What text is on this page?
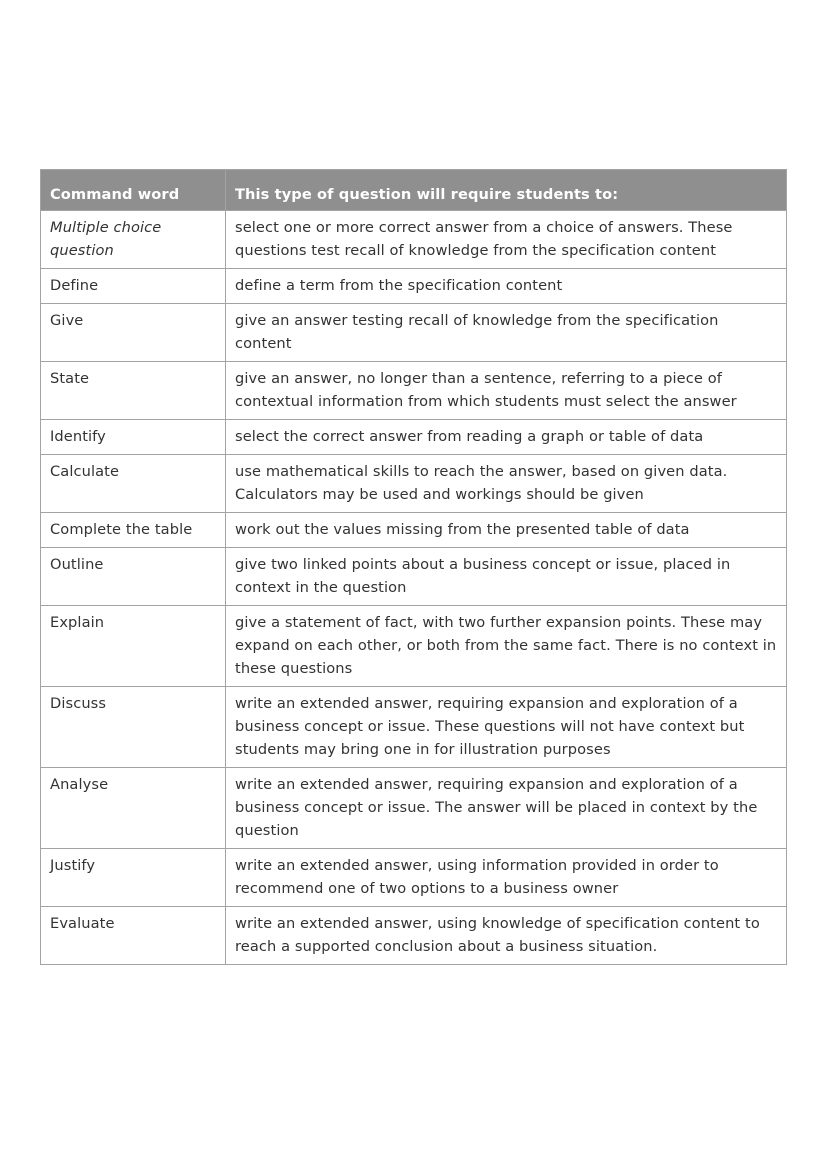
Command word	This type of question will require students to:
Multiple choice question	select one or more correct answer from a choice of answers. These questions test recall of knowledge from the specification content
Define	define a term from the specification content
Give	give an answer testing recall of knowledge from the specification content
State	give an answer, no longer than a sentence, referring to a piece of contextual information from which students must select the answer
Identify	select the correct answer from reading a graph or table of data
Calculate	use mathematical skills to reach the answer, based on given data. Calculators may be used and workings should be given
Complete the table	work out the values missing from the presented table of data
Outline	give two linked points about a business concept or issue, placed in context in the question
Explain	give a statement of fact, with two further expansion points. These may expand on each other, or both from the same fact. There is no context in these questions
Discuss	write an extended answer, requiring expansion and exploration of a business concept or issue. These questions will not have context but students may bring one in for illustration purposes
Analyse	write an extended answer, requiring expansion and exploration of a business concept or issue. The answer will be placed in context by the question
Justify	write an extended answer, using information provided in order to recommend one of two options to a business owner
Evaluate	write an extended answer, using knowledge of specification content to reach a supported conclusion about a business situation.
